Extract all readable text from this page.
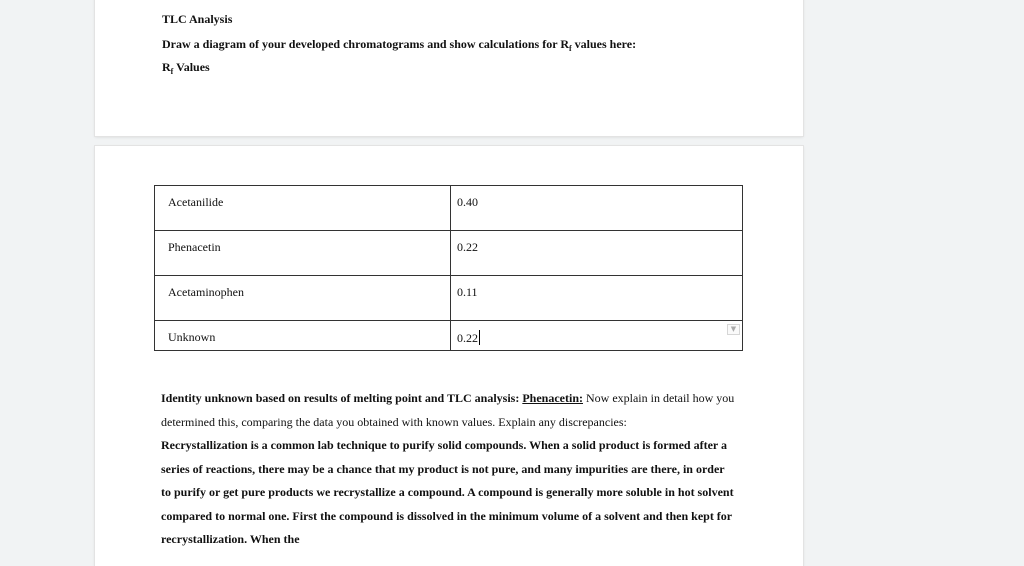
TLC Analysis
Draw a diagram of your developed chromatograms and show calculations for $R_f$ values here:
$R_f$ Values
Acetanilide	0.40

Phenacetin	0.22

Acetaminophen	0.11

Unknown	0.22
▼
Identity unknown based on results of melting point and TLC analysis: Phenacetin: Now explain in detail how you determined this, comparing the data you obtained with known values. Explain any discrepancies:
Recrystallization is a common lab technique to purify solid compounds. When a solid product is formed after a series of reactions, there may be a chance that my product is not pure, and many impurities are there, in order to purify or get pure products we recrystallize a compound. A compound is generally more soluble in hot solvent compared to normal one. First the compound is dissolved in the minimum volume of a solvent and then kept for recrystallization. When the
